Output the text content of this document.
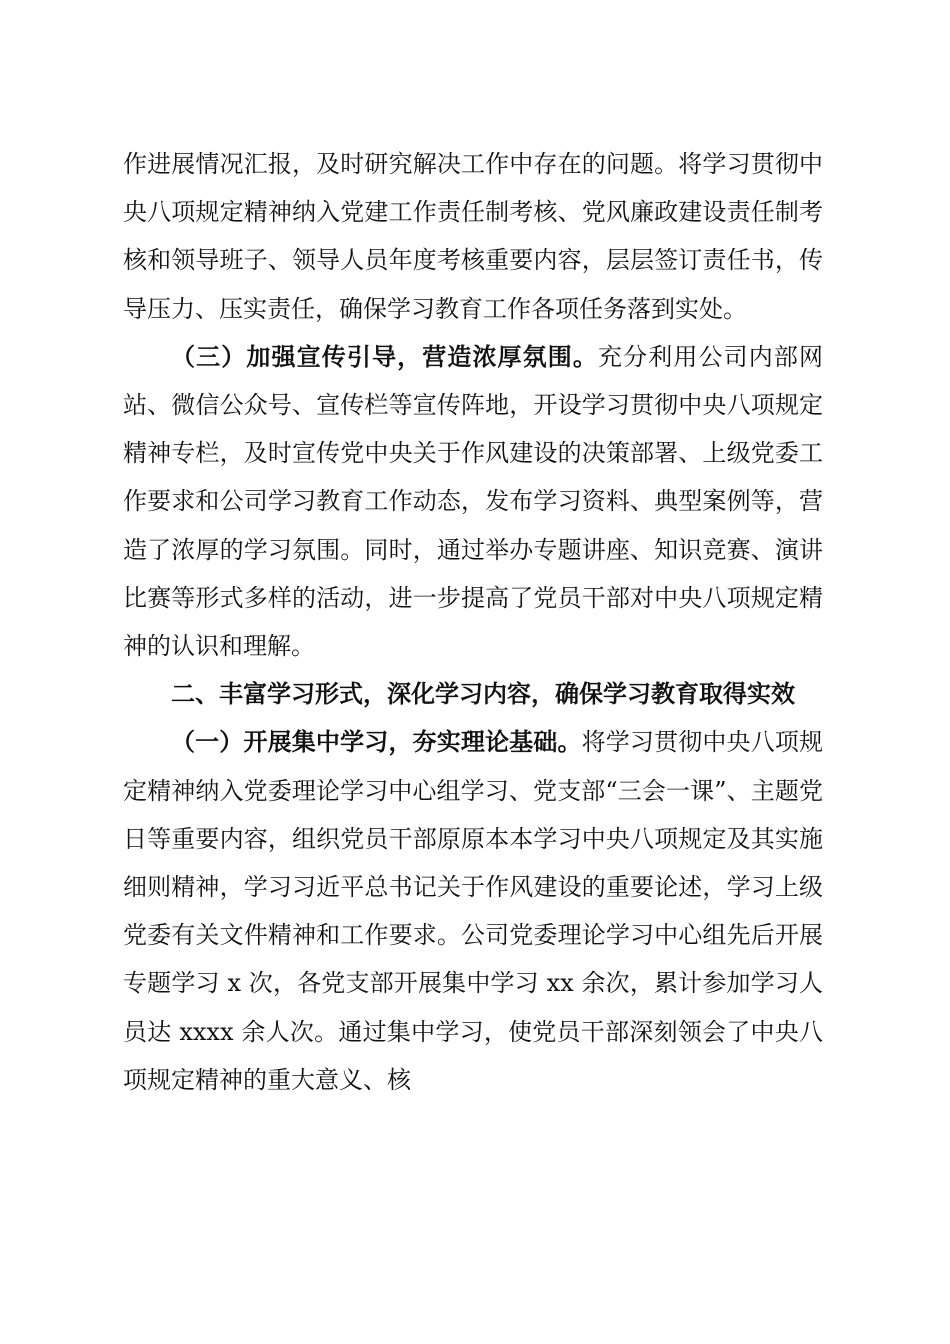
作进展情况汇报，及时研究解决工作中存在的问题。将学习贯彻中央八项规定精神纳入党建工作责任制考核、党风廉政建设责任制考核和领导班子、领导人员年度考核重要内容，层层签订责任书，传导压力、压实责任，确保学习教育工作各项任务落到实处。

（三）加强宣传引导，营造浓厚氛围。充分利用公司内部网站、微信公众号、宣传栏等宣传阵地，开设学习贯彻中央八项规定精神专栏，及时宣传党中央关于作风建设的决策部署、上级党委工作要求和公司学习教育工作动态，发布学习资料、典型案例等，营造了浓厚的学习氛围。同时，通过举办专题讲座、知识竞赛、演讲比赛等形式多样的活动，进一步提高了党员干部对中央八项规定精神的认识和理解。

二、丰富学习形式，深化学习内容，确保学习教育取得实效

（一）开展集中学习，夯实理论基础。将学习贯彻中央八项规定精神纳入党委理论学习中心组学习、党支部“三会一课”、主题党日等重要内容，组织党员干部原原本本学习中央八项规定及其实施细则精神，学习习近平总书记关于作风建设的重要论述，学习上级党委有关文件精神和工作要求。公司党委理论学习中心组先后开展专题学习 x 次，各党支部开展集中学习 xx 余次，累计参加学习人员达 xxxx 余人次。通过集中学习，使党员干部深刻领会了中央八项规定精神的重大意义、核
